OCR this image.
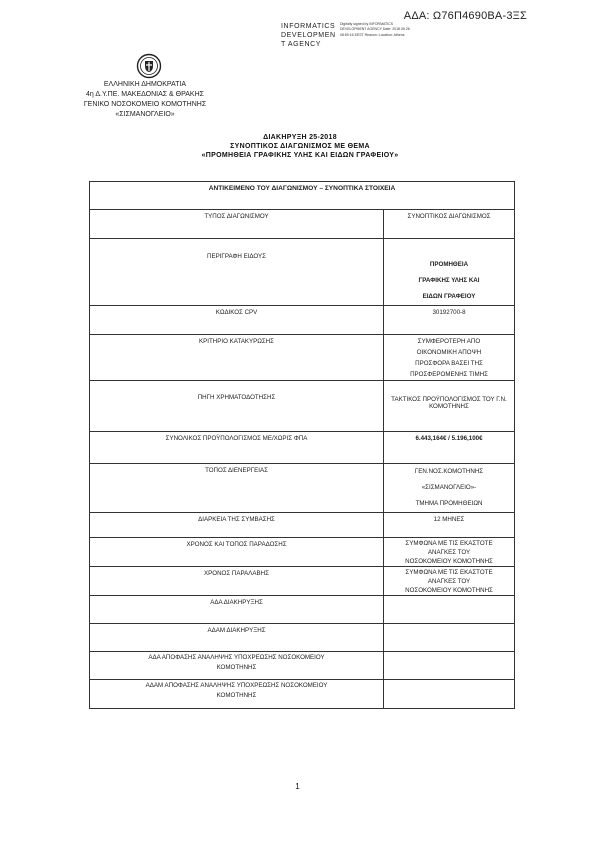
ΑΔΑ: Ω76Π4690ΒΑ-3ΞΣ
INFORMATICS
DEVELOPMEN
T AGENCY
Digitally signed by INFORMATICS DEVELOPMENT AGENCY Date: 2018.09.26 08:59:16 EEST Reason: Location: Athens
ΕΛΛΗΝΙΚΗ ΔΗΜΟΚΡΑΤΙΑ
4η Δ.Υ.ΠΕ. ΜΑΚΕΔΟΝΙΑΣ & ΘΡΑΚΗΣ
ΓΕΝΙΚΟ ΝΟΣΟΚΟΜΕΙΟ ΚΟΜΟΤΗΝΗΣ
«ΣΙΣΜΑΝΟΓΛΕΙΟ»
ΔΙΑΚΗΡΥΞΗ 25-2018
ΣΥΝΟΠΤΙΚΟΣ ΔΙΑΓΩΝΙΣΜΟΣ ΜΕ ΘΕΜΑ
«ΠΡΟΜΗΘΕΙΑ ΓΡΑΦΙΚΗΣ ΥΛΗΣ ΚΑΙ ΕΙΔΩΝ ΓΡΑΦΕΙΟΥ»
ΑΝΤΙΚΕΙΜΕΝΟ ΤΟΥ ΔΙΑΓΩΝΙΣΜΟΥ – ΣΥΝΟΠΤΙΚΑ ΣΤΟΙΧΕΙΑ	
ΤΥΠΟΣ ΔΙΑΓΩΝΙΣΜΟΥ	ΣΥΝΟΠΤΙΚΟΣ ΔΙΑΓΩΝΙΣΜΟΣ
ΠΕΡΙΓΡΑΦΗ ΕΙΔΟΥΣ	ΠΡΟΜΗΘΕΙΑ ΓΡΑΦΙΚΗΣ ΥΛΗΣ ΚΑΙ ΕΙΔΩΝ ΓΡΑΦΕΙΟΥ
ΚΩΔΙΚΟΣ CPV	30192700-8
ΚΡΙΤΗΡΙΟ ΚΑΤΑΚΥΡΩΣΗΣ	ΣΥΜΦΕΡΟΤΕΡΗ ΑΠΟ ΟΙΚΟΝΟΜΙΚΗ ΑΠΟΨΗ ΠΡΟΣΦΟΡΑ ΒΑΣΕΙ ΤΗΣ ΠΡΟΣΦΕΡΟΜΕΝΗΣ ΤΙΜΗΣ
ΠΗΓΗ ΧΡΗΜΑΤΟΔΟΤΗΣΗΣ	ΤΑΚΤΙΚΟΣ ΠΡΟΫΠΟΛΟΓΙΣΜΟΣ ΤΟΥ Γ.Ν. ΚΟΜΟΤΗΝΗΣ
ΣΥΝΟΛΙΚΟΣ ΠΡΟΫΠΟΛΟΓΙΣΜΟΣ ΜΕ/ΧΩΡΙΣ ΦΠΑ	6.443,164€ / 5.196,100€
ΤΟΠΟΣ ΔΙΕΝΕΡΓΕΙΑΣ	ΓΕΝ.ΝΟΣ.ΚΟΜΟΤΗΝΗΣ «ΣΙΣΜΑΝΟΓΛΕΙΟ»-ΤΜΗΜΑ ΠΡΟΜΗΘΕΙΩΝ
ΔΙΑΡΚΕΙΑ ΤΗΣ ΣΥΜΒΑΣΗΣ	12 ΜΗΝΕΣ
ΧΡΟΝΟΣ ΚΑΙ ΤΟΠΟΣ ΠΑΡΑΔΟΣΗΣ	ΣΥΜΦΩΝΑ ΜΕ ΤΙΣ ΕΚΑΣΤΟΤΕ ΑΝΑΓΚΕΣ ΤΟΥ ΝΟΣΟΚΟΜΕΙΟΥ ΚΟΜΟΤΗΝΗΣ
ΧΡΟΝΟΣ ΠΑΡΑΛΑΒΗΣ	ΣΥΜΦΩΝΑ ΜΕ ΤΙΣ ΕΚΑΣΤΟΤΕ ΑΝΑΓΚΕΣ ΤΟΥ ΝΟΣΟΚΟΜΕΙΟΥ ΚΟΜΟΤΗΝΗΣ
ΑΔΑ ΔΙΑΚΗΡΥΞΗΣ	
ΑΔΑΜ ΔΙΑΚΗΡΥΞΗΣ	
ΑΔΑ ΑΠΟΦΑΣΗΣ ΑΝΑΛΗΨΗΣ ΥΠΟΧΡΕΩΣΗΣ ΝΟΣΟΚΟΜΕΙΟΥ ΚΟΜΟΤΗΝΗΣ	
ΑΔΑΜ ΑΠΟΦΑΣΗΣ ΑΝΑΛΗΨΗΣ ΥΠΟΧΡΕΩΣΗΣ ΝΟΣΟΚΟΜΕΙΟΥ ΚΟΜΟΤΗΝΗΣ	
1
